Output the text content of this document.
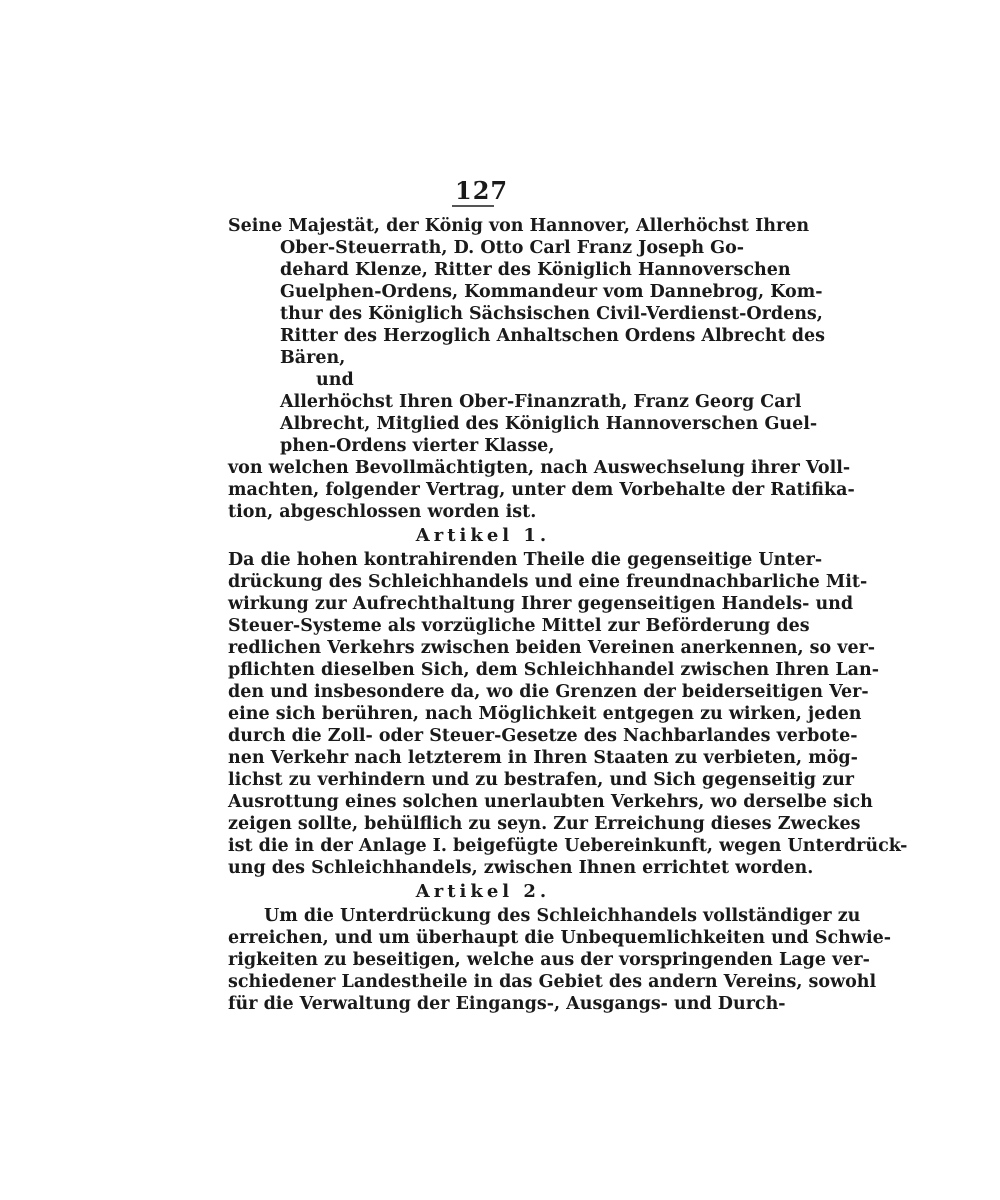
127
Seine Majestät, der König von Hannover, Allerhöchst Ihren
Ober-Steuerrath, D. Otto Carl Franz Joseph Go-
dehard Klenze, Ritter des Königlich Hannoverschen
Guelphen-Ordens, Kommandeur vom Dannebrog, Kom-
thur des Königlich Sächsischen Civil-Verdienst-Ordens,
Ritter des Herzoglich Anhaltschen Ordens Albrecht des
Bären,
und
Allerhöchst Ihren Ober-Finanzrath, Franz Georg Carl
Albrecht, Mitglied des Königlich Hannoverschen Guel-
phen-Ordens vierter Klasse,
von welchen Bevollmächtigten, nach Auswechselung ihrer Voll-
machten, folgender Vertrag, unter dem Vorbehalte der Ratifika-
tion, abgeschlossen worden ist.
Artikel 1.
Da die hohen kontrahirenden Theile die gegenseitige Unter-
drückung des Schleichhandels und eine freundnachbarliche Mit-
wirkung zur Aufrechthaltung Ihrer gegenseitigen Handels- und
Steuer-Systeme als vorzügliche Mittel zur Beförderung des
redlichen Verkehrs zwischen beiden Vereinen anerkennen, so ver-
pflichten dieselben Sich, dem Schleichhandel zwischen Ihren Lan-
den und insbesondere da, wo die Grenzen der beiderseitigen Ver-
eine sich berühren, nach Möglichkeit entgegen zu wirken, jeden
durch die Zoll- oder Steuer-Gesetze des Nachbarlandes verbote-
nen Verkehr nach letzterem in Ihren Staaten zu verbieten, mög-
lichst zu verhindern und zu bestrafen, und Sich gegenseitig zur
Ausrottung eines solchen unerlaubten Verkehrs, wo derselbe sich
zeigen sollte, behülflich zu seyn. Zur Erreichung dieses Zweckes
ist die in der Anlage I. beigefügte Uebereinkunft, wegen Unterdrück-
ung des Schleichhandels, zwischen Ihnen errichtet worden.
Artikel 2.
Um die Unterdrückung des Schleichhandels vollständiger zu
erreichen, und um überhaupt die Unbequemlichkeiten und Schwie-
rigkeiten zu beseitigen, welche aus der vorspringenden Lage ver-
schiedener Landestheile in das Gebiet des andern Vereins, sowohl
für die Verwaltung der Eingangs-, Ausgangs- und Durch-
